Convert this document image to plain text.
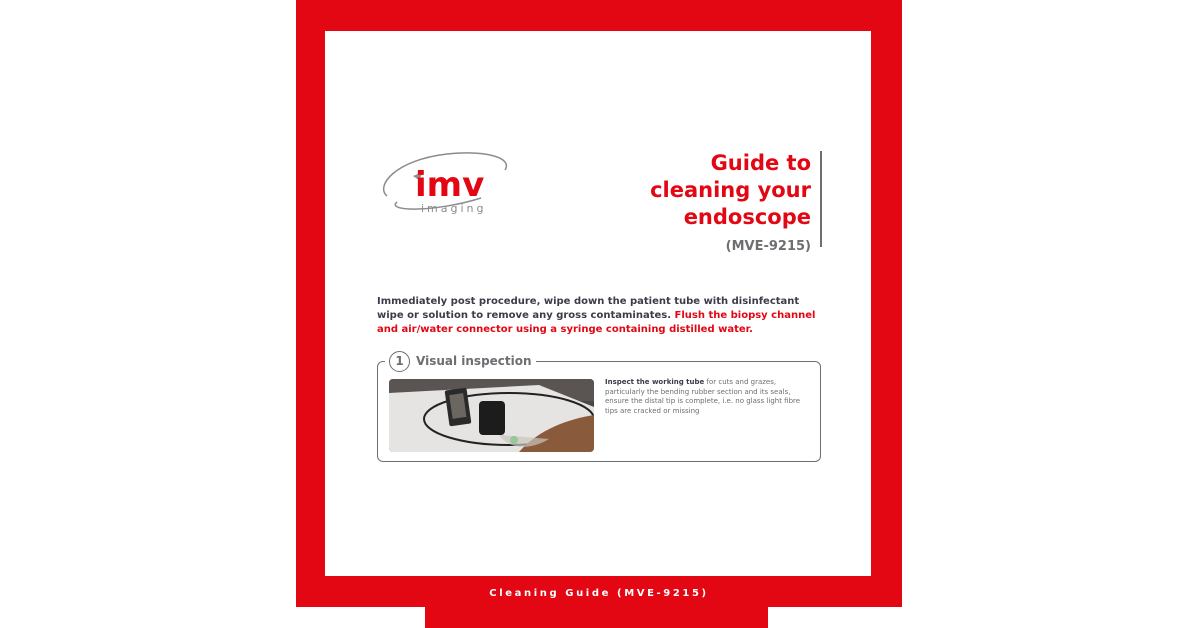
Cleaning Guide (MVE-9215)
imv
imaging
Guide to
cleaning your
endoscope
(MVE-9215)
Immediately post procedure, wipe down the patient tube with disinfectant wipe or solution to remove any gross contaminates. Flush the biopsy channel and air/water connector using a syringe containing distilled water.
1	Visual inspection
Inspect the working tube for cuts and grazes, particularly the bending rubber section and its seals, ensure the distal tip is complete, i.e. no glass light fibre tips are cracked or missing
